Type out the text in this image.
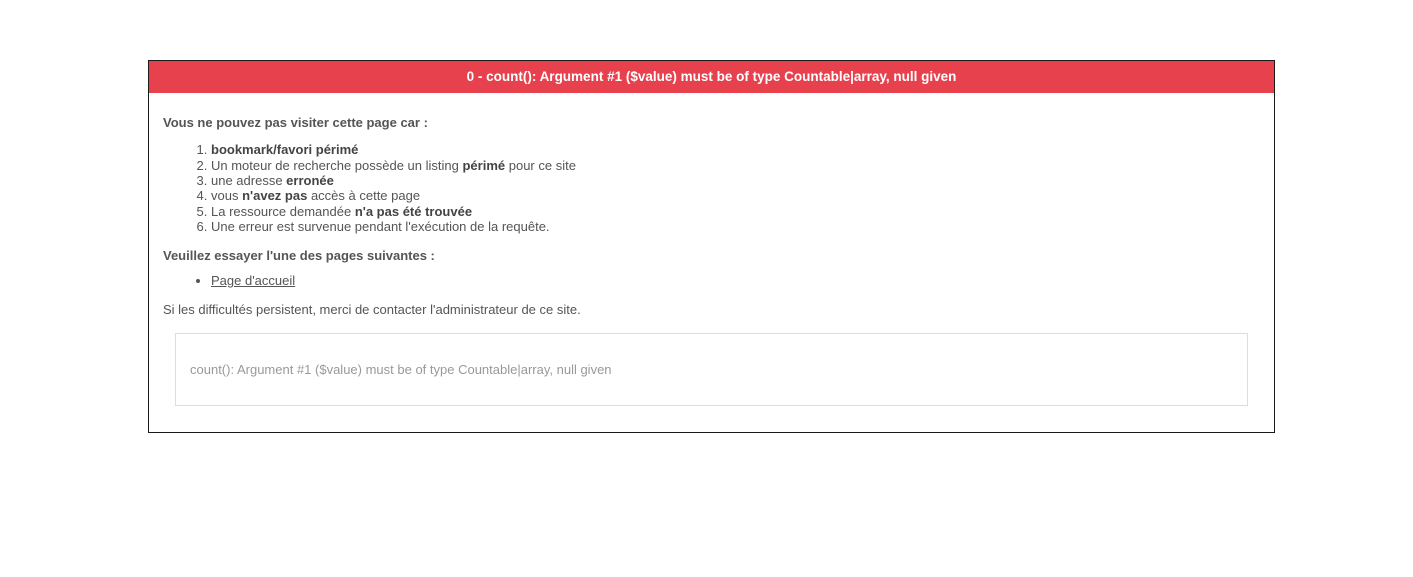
0 - count(): Argument #1 ($value) must be of type Countable|array, null given

Vous ne pouvez pas visiter cette page car :

1. bookmark/favori périmé
2. Un moteur de recherche possède un listing périmé pour ce site
3. une adresse erronée
4. vous n'avez pas accès à cette page
5. La ressource demandée n'a pas été trouvée
6. Une erreur est survenue pendant l'exécution de la requête.

Veuillez essayer l'une des pages suivantes :

• Page d'accueil

Si les difficultés persistent, merci de contacter l'administrateur de ce site.

count(): Argument #1 ($value) must be of type Countable|array, null given
